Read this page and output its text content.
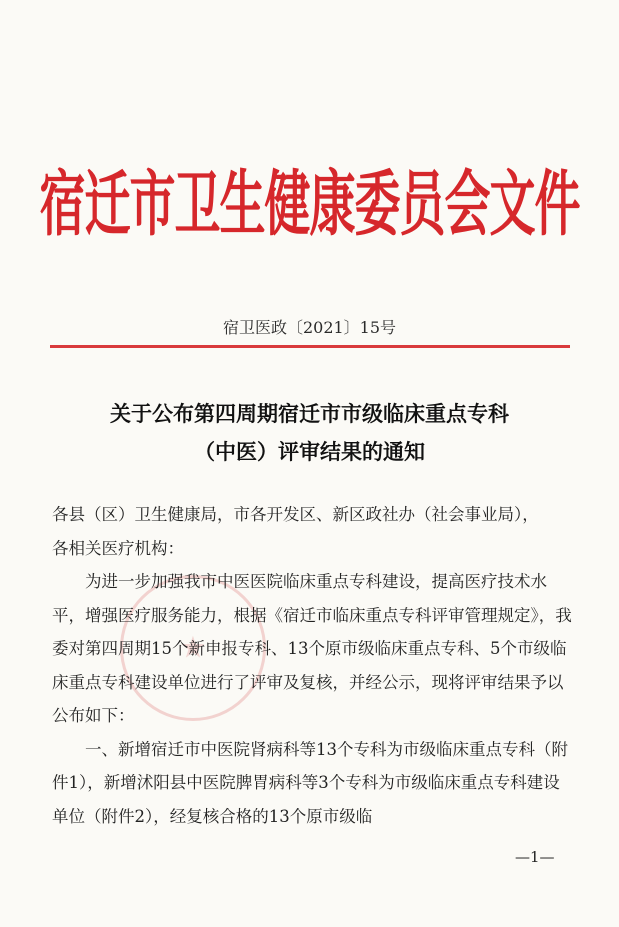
宿迁市卫生健康委员会文件
宿卫医政〔2021〕15号
关于公布第四周期宿迁市市级临床重点专科
（中医）评审结果的通知
★

各县（区）卫生健康局，市各开发区、新区政社办（社会事业局），

各相关医疗机构：

为进一步加强我市中医医院临床重点专科建设，提高医疗技术水平，增强医疗服务能力，根据《宿迁市临床重点专科评审管理规定》，我委对第四周期15个新申报专科、13个原市级临床重点专科、5个市级临床重点专科建设单位进行了评审及复核，并经公示，现将评审结果予以公布如下：

一、新增宿迁市中医院肾病科等13个专科为市级临床重点专科（附件1），新增沭阳县中医院脾胃病科等3个专科为市级临床重点专科建设单位（附件2），经复核合格的13个原市级临

—1—
